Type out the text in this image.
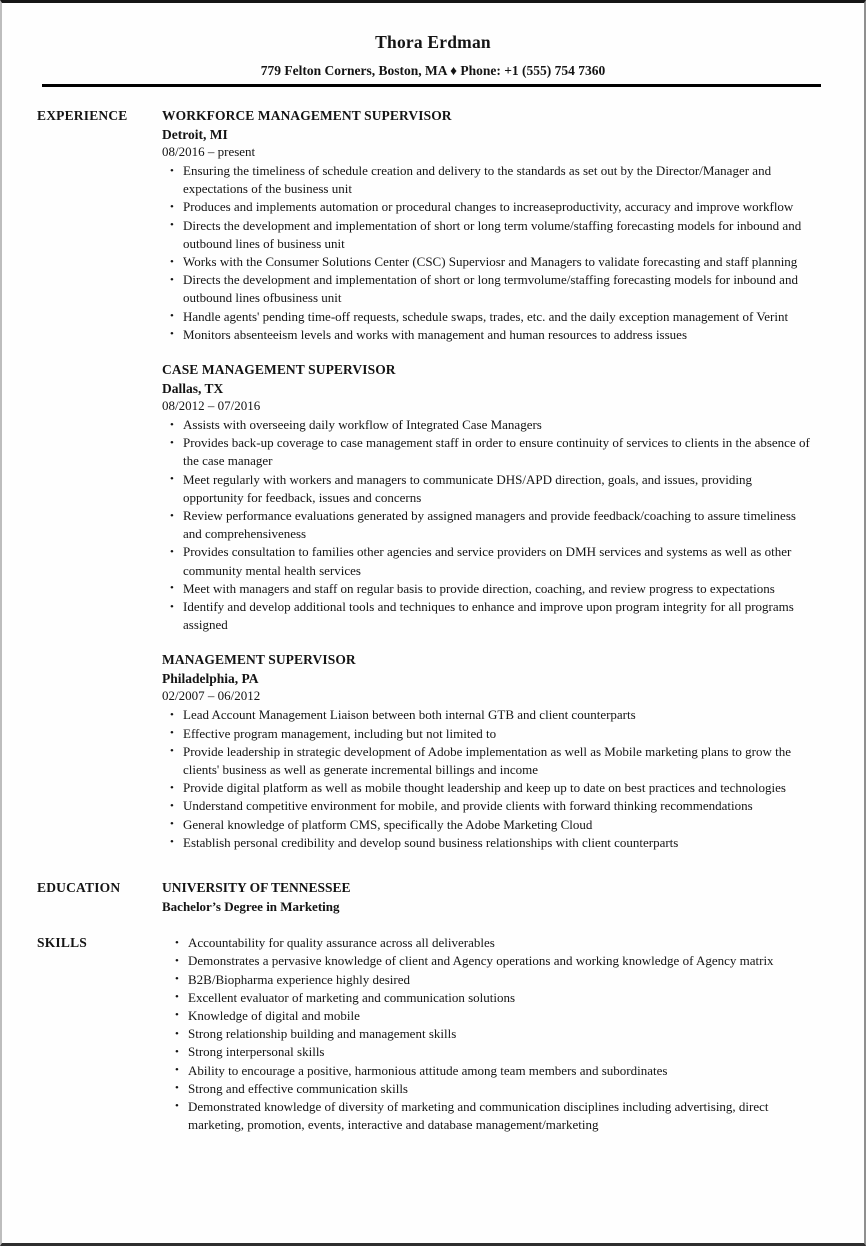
Thora Erdman
779 Felton Corners, Boston, MA ♦ Phone: +1 (555) 754 7360
EXPERIENCE	WORKFORCE MANAGEMENT SUPERVISOR
Detroit, MI
08/2016 – present
• Ensuring the timeliness of schedule creation and delivery to the standards as set out by the Director/Manager and expectations of the business unit
• Produces and implements automation or procedural changes to increaseproductivity, accuracy and improve workflow
• Directs the development and implementation of short or long term volume/staffing forecasting models for inbound and outbound lines of business unit
• Works with the Consumer Solutions Center (CSC) Superviosr and Managers to validate forecasting and staff planning
• Directs the development and implementation of short or long termvolume/staffing forecasting models for inbound and outbound lines ofbusiness unit
• Handle agents' pending time-off requests, schedule swaps, trades, etc. and the daily exception management of Verint
• Monitors absenteeism levels and works with management and human resources to address issues
CASE MANAGEMENT SUPERVISOR
Dallas, TX
08/2012 – 07/2016
• Assists with overseeing daily workflow of Integrated Case Managers
• Provides back-up coverage to case management staff in order to ensure continuity of services to clients in the absence of the case manager
• Meet regularly with workers and managers to communicate DHS/APD direction, goals, and issues, providing opportunity for feedback, issues and concerns
• Review performance evaluations generated by assigned managers and provide feedback/coaching to assure timeliness and comprehensiveness
• Provides consultation to families other agencies and service providers on DMH services and systems as well as other community mental health services
• Meet with managers and staff on regular basis to provide direction, coaching, and review progress to expectations
• Identify and develop additional tools and techniques to enhance and improve upon program integrity for all programs assigned
MANAGEMENT SUPERVISOR
Philadelphia, PA
02/2007 – 06/2012
• Lead Account Management Liaison between both internal GTB and client counterparts
• Effective program management, including but not limited to
• Provide leadership in strategic development of Adobe implementation as well as Mobile marketing plans to grow the clients' business as well as generate incremental billings and income
• Provide digital platform as well as mobile thought leadership and keep up to date on best practices and technologies
• Understand competitive environment for mobile, and provide clients with forward thinking recommendations
• General knowledge of platform CMS, specifically the Adobe Marketing Cloud
• Establish personal credibility and develop sound business relationships with client counterparts
EDUCATION	UNIVERSITY OF TENNESSEE
Bachelor’s Degree in Marketing
SKILLS	• Accountability for quality assurance across all deliverables
• Demonstrates a pervasive knowledge of client and Agency operations and working knowledge of Agency matrix
• B2B/Biopharma experience highly desired
• Excellent evaluator of marketing and communication solutions
• Knowledge of digital and mobile
• Strong relationship building and management skills
• Strong interpersonal skills
• Ability to encourage a positive, harmonious attitude among team members and subordinates
• Strong and effective communication skills
• Demonstrated knowledge of diversity of marketing and communication disciplines including advertising, direct marketing, promotion, events, interactive and database management/marketing
